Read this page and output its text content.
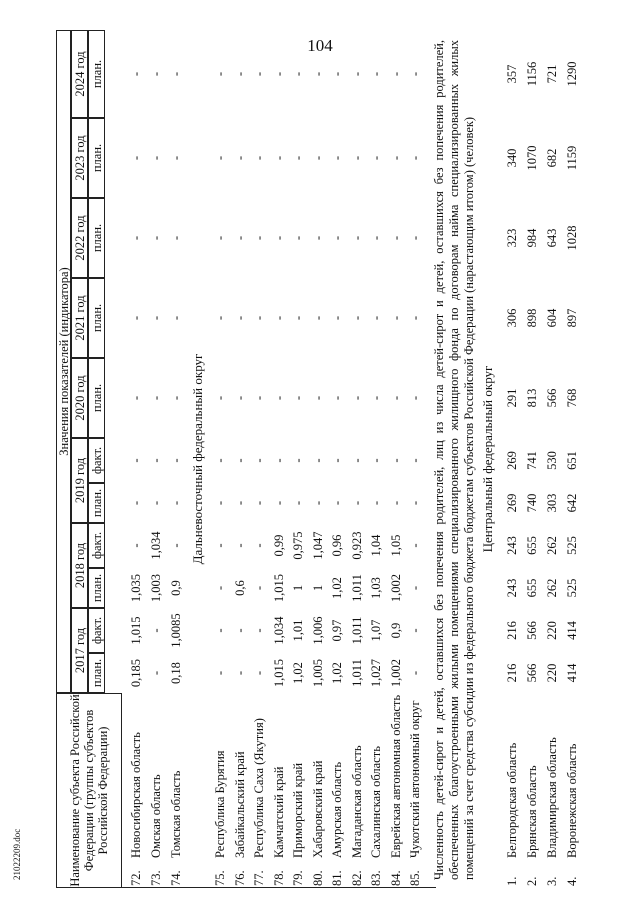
104
21022209.doc	Наименование субъекта Российской Федерации (группы субъектов Российской Федерации)
Значения показателей (индикатора)
2017 год
2018 год
2019 год
2020 год
2021 год
2022 год
2023 год
2024 год
план.
факт.
план.
факт.
план.
факт.
план.
план.
план.
план.
план.
72.
Новосибирская область
0,185
1,015
1,035
-
-
-
-
-
-
-
-
73.
Омская область
-
-
1,003
1,034
-
-
-
-
-
-
-
74.
Томская область
0,18
1,0085
0,9
-
-
-
-
-
-
-
-
Дальневосточный федеральный округ
75.
Республика Бурятия
-
-
-
-
-
-
-
-
-
-
-
76.
Забайкальский край
-
-
0,6
-
-
-
-
-
-
-
-
77.
Республика Саха (Якутия)
-
-
-
-
-
-
-
-
-
-
-
78.
Камчатский край
1,015
1,034
1,015
0,99
-
-
-
-
-
-
-
79.
Приморский край
1,02
1,01
1
0,975
-
-
-
-
-
-
-
80.
Хабаровский край
1,005
1,006
1
1,047
-
-
-
-
-
-
-
81.
Амурская область
1,02
0,97
1,02
0,96
-
-
-
-
-
-
-
82.
Магаданская область
1,011
1,011
1,011
0,923
-
-
-
-
-
-
-
83.
Сахалинская область
1,027
1,07
1,03
1,04
-
-
-
-
-
-
-
84.
Еврейская автономная область
1,002
0,9
1,002
1,05
-
-
-
-
-
-
-
85.
Чукотский автономный округ
-
-
-
-
-
-
-
-
-
-
- Численность детей-сирот и детей, оставшихся без попечения родителей, лиц из числа детей-сирот и детей, оставшихся без попечения родителей, обеспеченных благоустроенными жилыми помещениями специализированного жилищного фонда по договорам найма специализированных жилых помещений за счет средства субсидии из федерального бюджета бюджетам субъектов Российской Федерации (нарастающим итогом) (человек) Центральный федеральный округ
1.
Белгородская область
216
216
243
243
269
269
291
306
323
340
357
2.
Брянская область
566
566
655
655
740
741
813
898
984
1070
1156
3.
Владимирская область
220
220
262
262
303
530
566
604
643
682
721
4.
Воронежская область
414
414
525
525
642
651
768
897
1028
1159
1290
